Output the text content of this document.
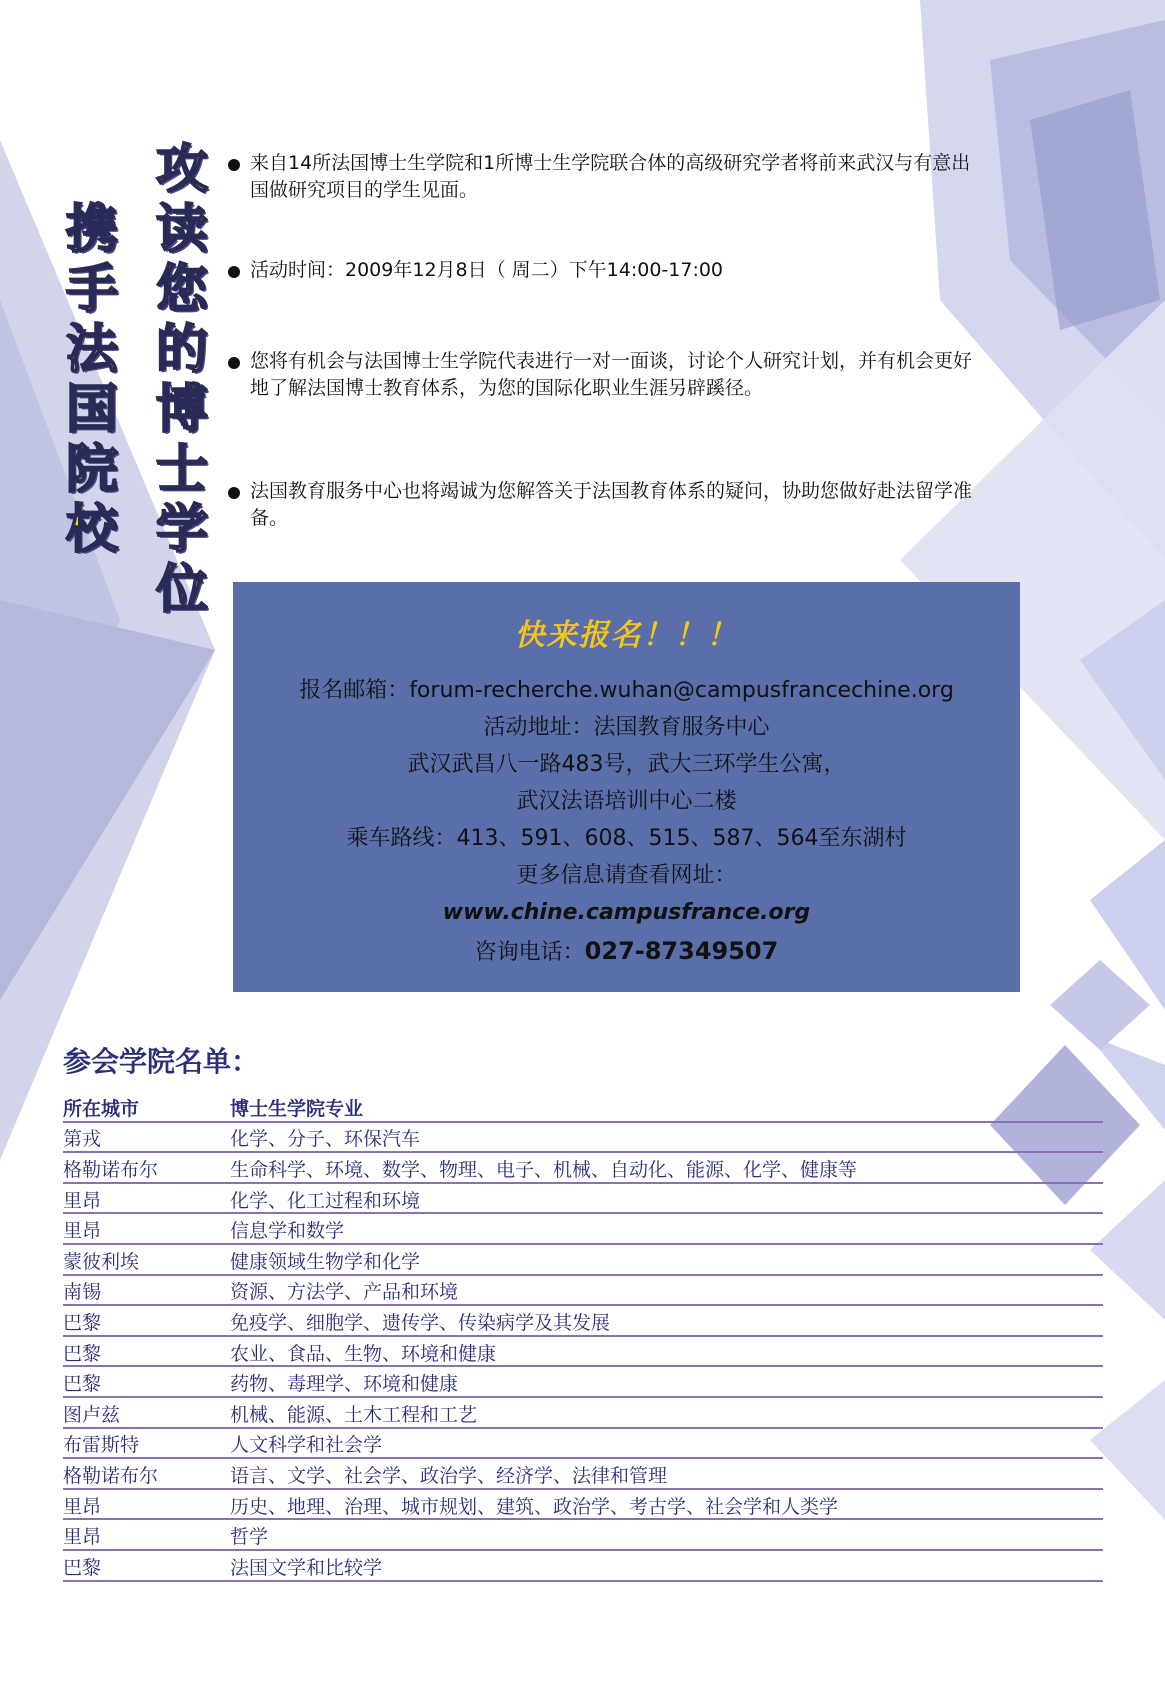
攻
读
您
的
博
士
学
位
携
手
法
国
院
校
来自14所法国博士生学院和1所博士生学院联合体的高级研究学者将前来武汉与有意出国做研究项目的学生见面。
活动时间：2009年12月8日（ 周二）下午14:00-17:00
您将有机会与法国博士生学院代表进行一对一面谈，讨论个人研究计划，并有机会更好地了解法国博士教育体系，为您的国际化职业生涯另辟蹊径。
法国教育服务中心也将竭诚为您解答关于法国教育体系的疑问，协助您做好赴法留学准备。
快来报名！！！
报名邮箱：forum-recherche.wuhan@campusfrancechine.org
活动地址：法国教育服务中心
武汉武昌八一路483号，武大三环学生公寓，
武汉法语培训中心二楼
乘车路线：413、591、608、515、587、564至东湖村
更多信息请查看网址：
www.chine.campusfrance.org
咨询电话：027-87349507
参会学院名单：
所在城市	博士生学院专业
第戎	化学、分子、环保汽车
格勒诺布尔	生命科学、环境、数学、物理、电子、机械、自动化、能源、化学、健康等
里昂	化学、化工过程和环境
里昂	信息学和数学
蒙彼利埃	健康领域生物学和化学
南锡	资源、方法学、产品和环境
巴黎	免疫学、细胞学、遗传学、传染病学及其发展
巴黎	农业、食品、生物、环境和健康
巴黎	药物、毒理学、环境和健康
图卢兹	机械、能源、土木工程和工艺
布雷斯特	人文科学和社会学
格勒诺布尔	语言、文学、社会学、政治学、经济学、法律和管理
里昂	历史、地理、治理、城市规划、建筑、政治学、考古学、社会学和人类学
里昂	哲学
巴黎	法国文学和比较学
